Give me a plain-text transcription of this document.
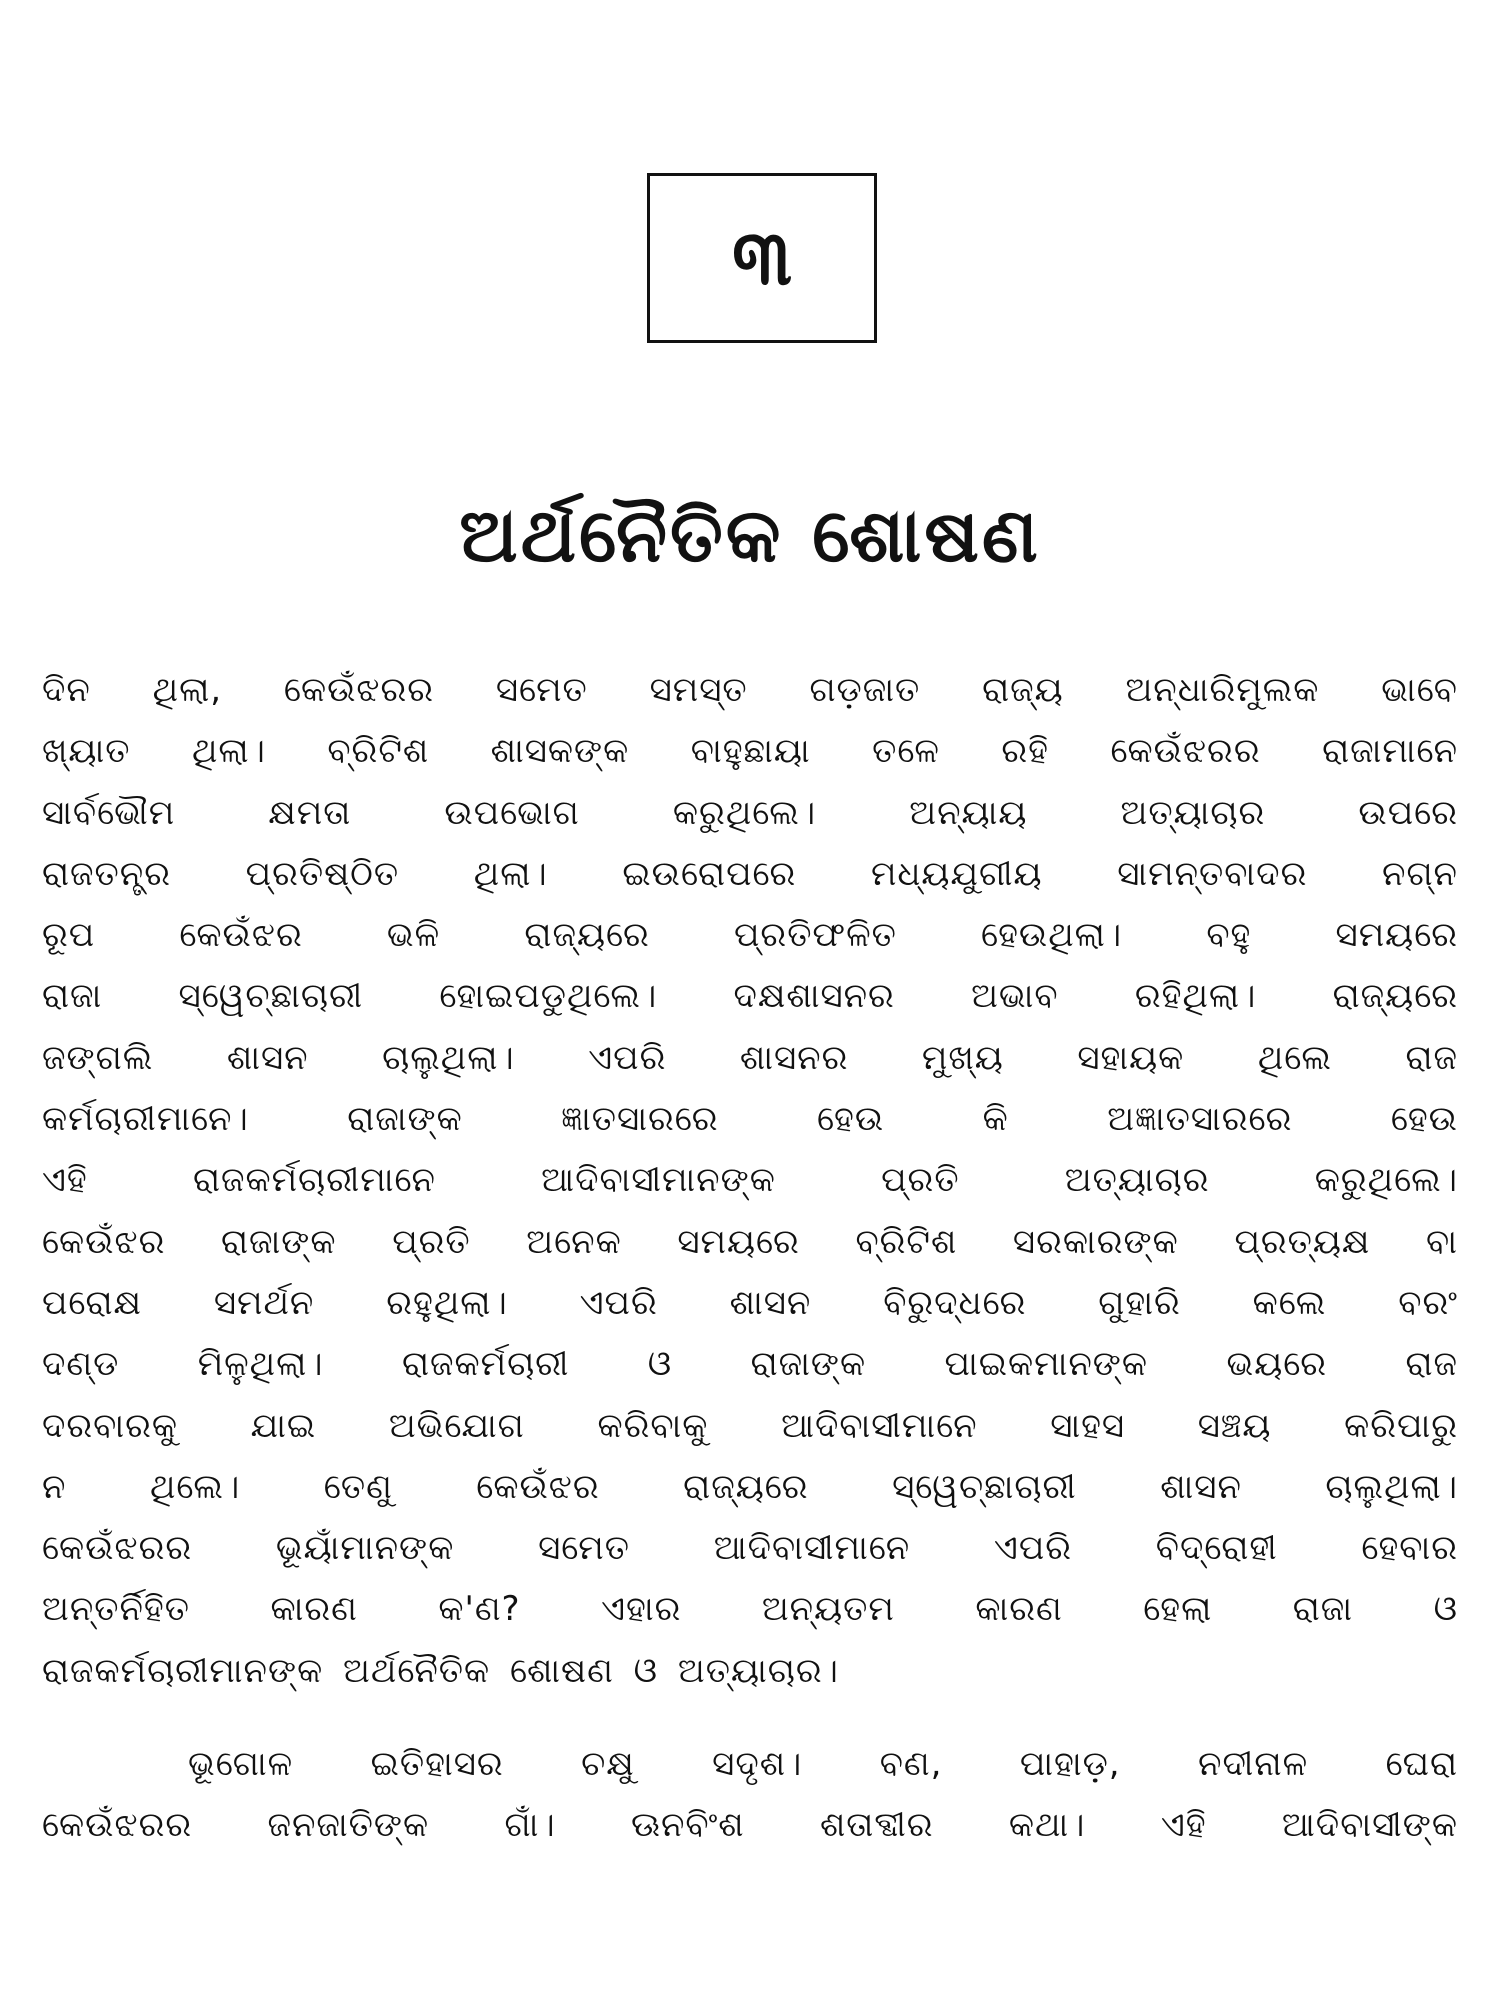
୩
ଅର୍ଥନୈତିକ ଶୋଷଣ

ଦିନ ଥିଲା, କେଉଁଝରର ସମେତ ସମସ୍ତ ଗଡ଼ଜାତ ରାଜ୍ୟ ଅନ୍ଧାରିମୁଲକ ଭାବେ
ଖ୍ୟାତ ଥିଲା। ବ୍ରିଟିଶ ଶାସକଙ୍କ ବାହୁଛାୟା ତଳେ ରହି କେଉଁଝରର ରାଜାମାନେ
ସାର୍ବଭୌମ କ୍ଷମତା ଉପଭୋଗ କରୁଥିଲେ। ଅନ୍ୟାୟ ଅତ୍ୟାଚାର ଉପରେ
ରାଜତନ୍ତ୍ର ପ୍ରତିଷ୍ଠିତ ଥିଲା। ଇଉରୋପରେ ମଧ୍ୟଯୁଗୀୟ ସାମନ୍ତବାଦର ନଗ୍ନ
ରୂପ କେଉଁଝର ଭଳି ରାଜ୍ୟରେ ପ୍ରତିଫଳିତ ହେଉଥିଲା। ବହୁ ସମୟରେ
ରାଜା ସ୍ୱେଚ୍ଛାଚାରୀ ହୋଇପଡୁଥିଲେ। ଦକ୍ଷଶାସନର ଅଭାବ ରହିଥିଲା। ରାଜ୍ୟରେ
ଜଙ୍ଗଲି ଶାସନ ଚାଲୁଥିଲା। ଏପରି ଶାସନର ମୁଖ୍ୟ ସହାୟକ ଥିଲେ ରାଜ
କର୍ମଚାରୀମାନେ। ରାଜାଙ୍କ ଜ୍ଞାତସାରରେ ହେଉ କି ଅଜ୍ଞାତସାରରେ ହେଉ
ଏହି ରାଜକର୍ମଚାରୀମାନେ ଆଦିବାସୀମାନଙ୍କ ପ୍ରତି ଅତ୍ୟାଚାର କରୁଥିଲେ।
କେଉଁଝର ରାଜାଙ୍କ ପ୍ରତି ଅନେକ ସମୟରେ ବ୍ରିଟିଶ ସରକାରଙ୍କ ପ୍ରତ୍ୟକ୍ଷ ବା
ପରୋକ୍ଷ ସମର୍ଥନ ରହୁଥିଲା। ଏପରି ଶାସନ ବିରୁଦ୍ଧରେ ଗୁହାରି କଲେ ବରଂ
ଦଣ୍ଡ ମିଳୁଥିଲା। ରାଜକର୍ମଚାରୀ ଓ ରାଜାଙ୍କ ପାଇକମାନଙ୍କ ଭୟରେ ରାଜ
ଦରବାରକୁ ଯାଇ ଅଭିଯୋଗ କରିବାକୁ ଆଦିବାସୀମାନେ ସାହସ ସଞ୍ଚୟ କରିପାରୁ
ନ ଥିଲେ। ତେଣୁ କେଉଁଝର ରାଜ୍ୟରେ ସ୍ୱେଚ୍ଛାଚାରୀ ଶାସନ ଚାଲୁଥିଲା।
କେଉଁଝରର ଭୂୟାଁମାନଙ୍କ ସମେତ ଆଦିବାସୀମାନେ ଏପରି ବିଦ୍ରୋହୀ ହେବାର
ଅନ୍ତର୍ନିହିତ କାରଣ କ'ଣ? ଏହାର ଅନ୍ୟତମ କାରଣ ହେଲା ରାଜା ଓ
ରାଜକର୍ମଚାରୀମାନଙ୍କ ଅର୍ଥନୈତିକ ଶୋଷଣ ଓ ଅତ୍ୟାଚାର।

ଭୂଗୋଳ ଇତିହାସର ଚକ୍ଷୁ ସଦୃଶ। ବଣ, ପାହାଡ଼, ନଦୀନାଳ ଘେରା
କେଉଁଝରର ଜନଜାତିଙ୍କ ଗାଁ। ଊନବିଂଶ ଶତାବ୍ଦୀର କଥା। ଏହି ଆଦିବାସୀଙ୍କ
